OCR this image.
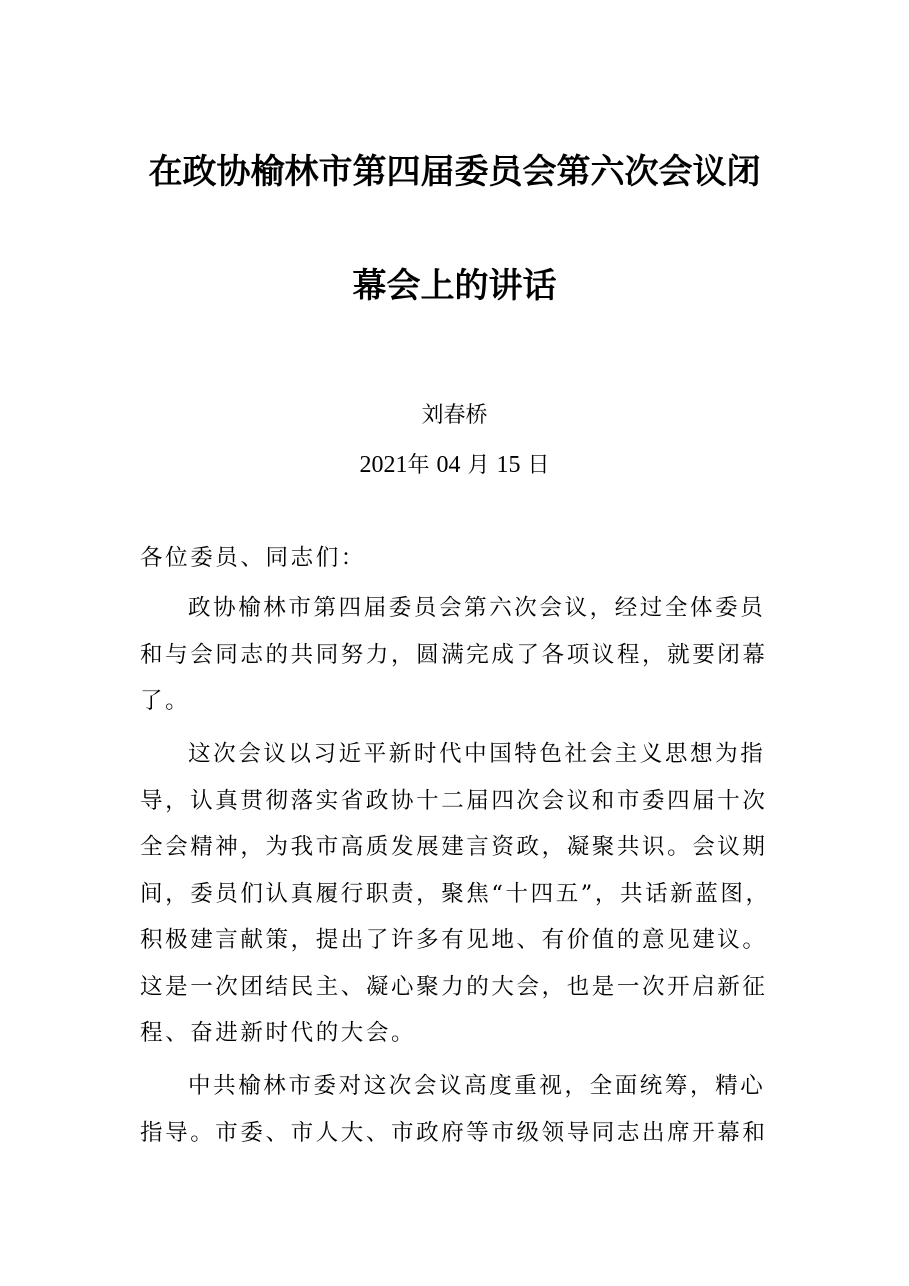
在政协榆林市第四届委员会第六次会议闭
幕会上的讲话
刘春桥
2021年 04 月 15 日
各位委员、同志们：
政协榆林市第四届委员会第六次会议，经过全体委员
和与会同志的共同努力，圆满完成了各项议程，就要闭幕
了。
这次会议以习近平新时代中国特色社会主义思想为指
导，认真贯彻落实省政协十二届四次会议和市委四届十次
全会精神，为我市高质发展建言资政，凝聚共识。会议期
间，委员们认真履行职责，聚焦“十四五”，共话新蓝图，
积极建言献策，提出了许多有见地、有价值的意见建议。
这是一次团结民主、凝心聚力的大会，也是一次开启新征
程、奋进新时代的大会。
中共榆林市委对这次会议高度重视，全面统筹，精心
指导。市委、市人大、市政府等市级领导同志出席开幕和
